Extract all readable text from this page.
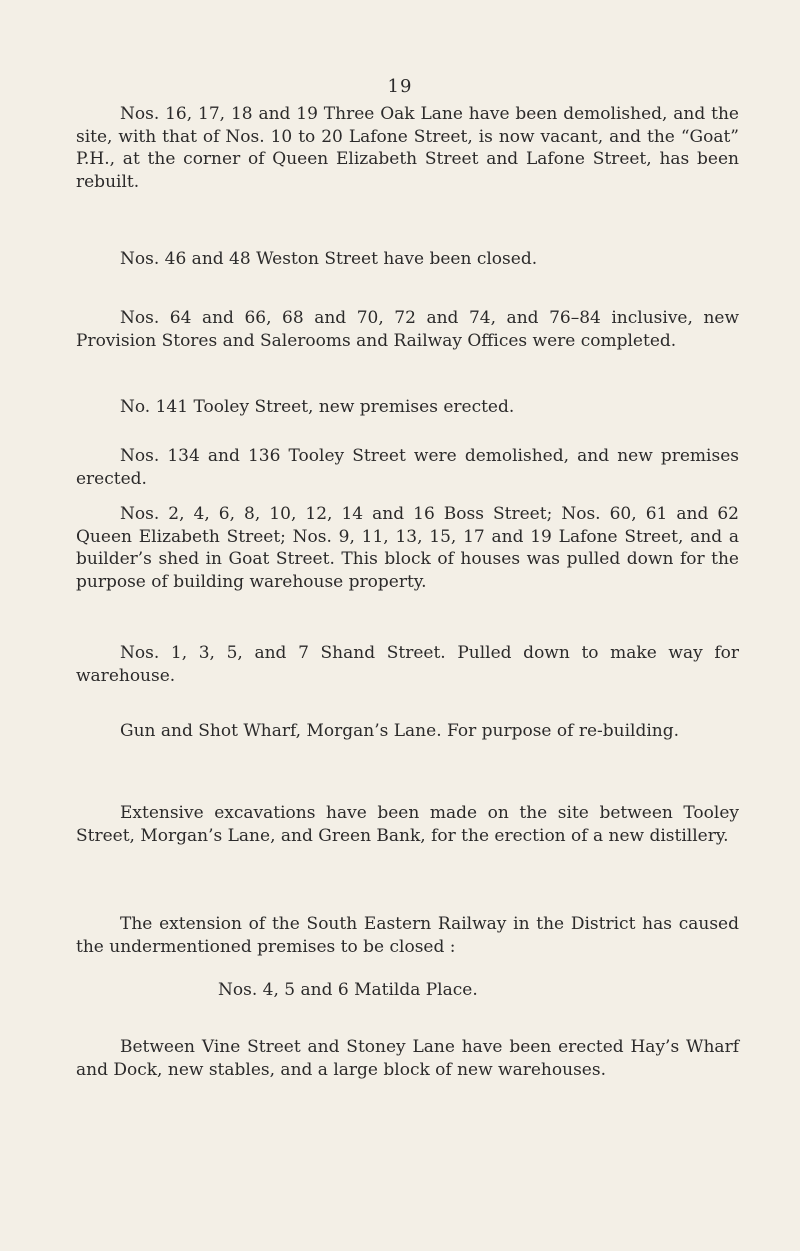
19

Nos. 16, 17, 18 and 19 Three Oak Lane have been demolished, and the site, with that of Nos. 10 to 20 Lafone Street, is now vacant, and the “Goat” P.H., at the corner of Queen Elizabeth Street and Lafone Street, has been rebuilt.

Nos. 46 and 48 Weston Street have been closed.

Nos. 64 and 66, 68 and 70, 72 and 74, and 76–84 inclusive, new Provision Stores and Salerooms and Railway Offices were completed.

No. 141 Tooley Street, new premises erected.

Nos. 134 and 136 Tooley Street were demolished, and new premises erected.

Nos. 2, 4, 6, 8, 10, 12, 14 and 16 Boss Street; Nos. 60, 61 and 62 Queen Elizabeth Street; Nos. 9, 11, 13, 15, 17 and 19 Lafone Street, and a builder’s shed in Goat Street. This block of houses was pulled down for the purpose of building warehouse property.

Nos. 1, 3, 5, and 7 Shand Street. Pulled down to make way for warehouse.

Gun and Shot Wharf, Morgan’s Lane. For purpose of re-building.

Extensive excavations have been made on the site between Tooley Street, Morgan’s Lane, and Green Bank, for the erection of a new distillery.

The extension of the South Eastern Railway in the District has caused the undermentioned premises to be closed :

Nos. 4, 5 and 6 Matilda Place.

Between Vine Street and Stoney Lane have been erected Hay’s Wharf and Dock, new stables, and a large block of new warehouses.
